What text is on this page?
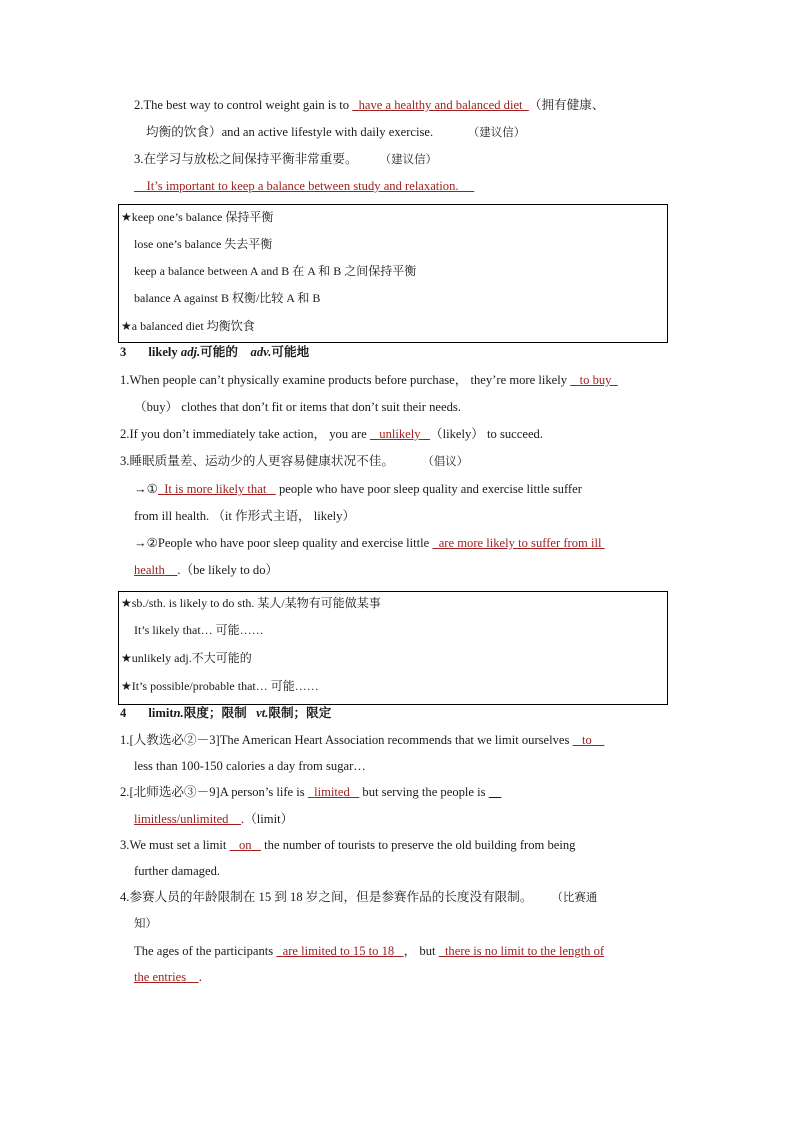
2.The best way to control weight gain is to   have a healthy and balanced diet （拥有健康、
均衡的饮食）and an active lifestyle with daily exercise.	（建议信）
3.在学习与放松之间保持平衡非常重要。 （建议信）
It’s important to keep a balance between study and relaxation.
★keep one’s balance 保持平衡
lose one’s balance 失去平衡
keep a balance between A and B 在 A 和 B 之间保持平衡
balance A against B 权衡/比较 A 和 B
★a balanced diet 均衡饮食
3 likely adj.可能的 adv.可能地
1.When people can’t physically examine products before purchase， they’re more likely    to buy
（buy） clothes that don’t fit or items that don’t suit their needs.
2.If you don’t immediately take action， you are    unlikely （likely） to succeed.
3.睡眠质量差、运动少的人更容易健康状况不佳。 （倡议）
→① It is more likely that people who have poor sleep quality and exercise little suffer
from ill health. （it 作形式主语， likely）
→②People who have poor sleep quality and exercise little   are more likely to suffer from ill
health .（be likely to do）
★sb./sth. is likely to do sth. 某人/某物有可能做某事
It’s likely that… 可能……
★unlikely adj.不大可能的
★It’s possible/probable that… 可能……
4 limitn.限度；限制 vt.限制；限定
1.[人教选必②－3]The American Heart Association recommends that we limit ourselves    to
less than 100-150 calories a day from sugar…
2.[北师选必③－9]A person’s life is   limited    but serving the people is
limitless/unlimited .（limit）
3.We must set a limit    on    the number of tourists to preserve the old building from being
further damaged.
4.参赛人员的年龄限制在 15 到 18 岁之间，但是参赛作品的长度没有限制。 （比赛通
知）
The ages of the participants   are limited to 15 to 18 ， but   there is no limit to the length of
the entries .
